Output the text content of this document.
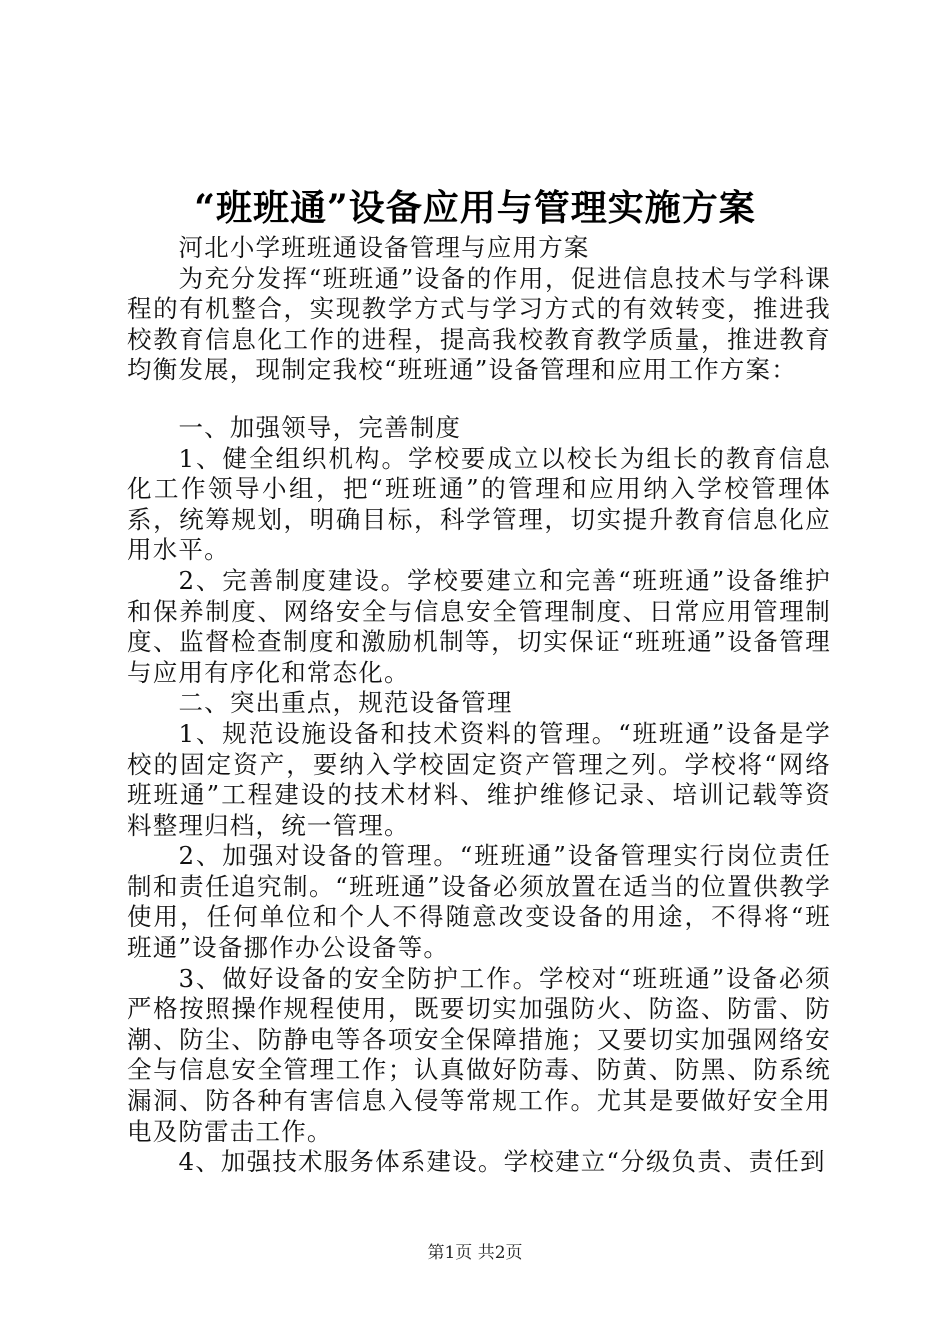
“班班通”设备应用与管理实施方案

河北小学班班通设备管理与应用方案

为充分发挥“班班通”设备的作用，促进信息技术与学科课程的有机整合，实现教学方式与学习方式的有效转变，推进我校教育信息化工作的进程，提高我校教育教学质量，推进教育均衡发展，现制定我校“班班通”设备管理和应用工作方案：

一、加强领导，完善制度

1、健全组织机构。学校要成立以校长为组长的教育信息化工作领导小组，把“班班通”的管理和应用纳入学校管理体系，统筹规划，明确目标，科学管理，切实提升教育信息化应用水平。

2、完善制度建设。学校要建立和完善“班班通”设备维护和保养制度、网络安全与信息安全管理制度、日常应用管理制度、监督检查制度和激励机制等，切实保证“班班通”设备管理与应用有序化和常态化。

二、突出重点，规范设备管理

1、规范设施设备和技术资料的管理。“班班通”设备是学校的固定资产，要纳入学校固定资产管理之列。学校将“网络班班通”工程建设的技术材料、维护维修记录、培训记载等资料整理归档，统一管理。

2、加强对设备的管理。“班班通”设备管理实行岗位责任制和责任追究制。“班班通”设备必须放置在适当的位置供教学使用，任何单位和个人不得随意改变设备的用途，不得将“班班通”设备挪作办公设备等。

3、做好设备的安全防护工作。学校对“班班通”设备必须严格按照操作规程使用，既要切实加强防火、防盗、防雷、防潮、防尘、防静电等各项安全保障措施；又要切实加强网络安全与信息安全管理工作；认真做好防毒、防黄、防黑、防系统漏洞、防各种有害信息入侵等常规工作。尤其是要做好安全用电及防雷击工作。

4、加强技术服务体系建设。学校建立“分级负责、责任到

第1页 共2页
